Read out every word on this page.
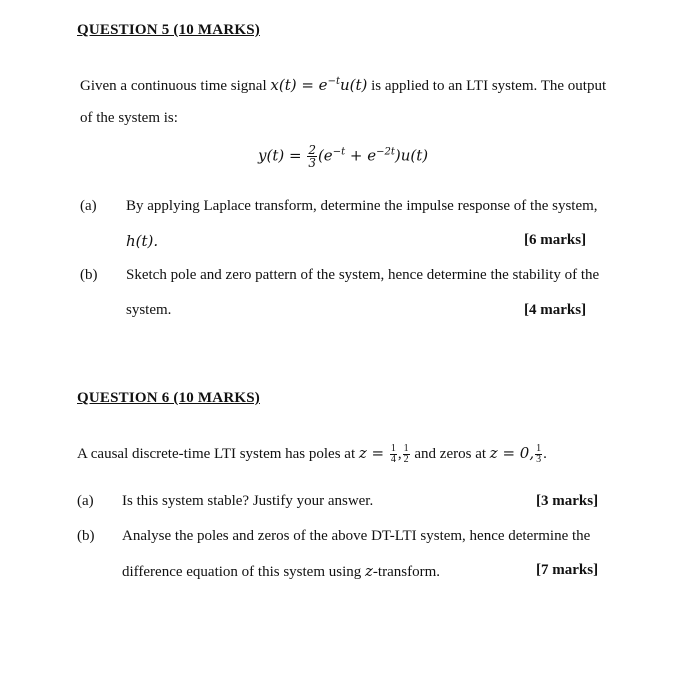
QUESTION 5 (10 MARKS)
Given a continuous time signal $x(t) = e^{-t}u(t)$ is applied to an LTI system. The output
of the system is:
$y(t) = \frac{2}{3} (e^{-t} + e^{-2t})u(t)$
(a) By applying Laplace transform, determine the impulse response of the system,
h(t).	[6 marks]
(b) Sketch pole and zero pattern of the system, hence determine the stability of the
system.	[4 marks]
QUESTION 6 (10 MARKS)
A causal discrete-time LTI system has poles at $z = \frac{1}{4}$ , $\frac{1}{2}$ and zeros at z = 0, $\frac{1}{3}$ .
(a) Is this system stable? Justify your answer.	[3 marks]
(b) Analyse the poles and zeros of the above DT-LTI system, hence determine the
difference equation of this system using z-transform.	[7 marks]
